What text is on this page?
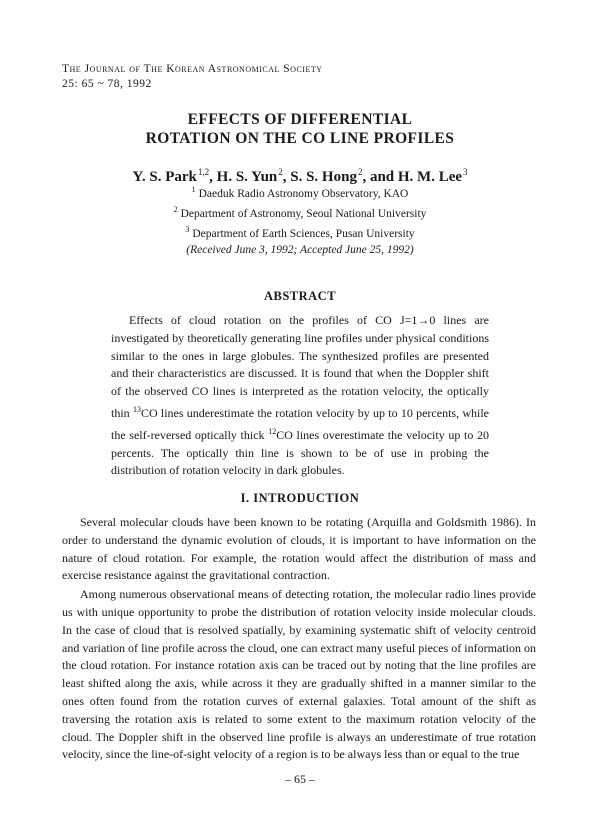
The Journal of The Korean Astronomical Society
25: 65 ~ 78, 1992
EFFECTS OF DIFFERENTIAL
ROTATION ON THE CO LINE PROFILES
Y. S. Park$^{1,2}$, H. S. Yun$^2$, S. S. Hong$^2$, and H. M. Lee$^3$
$^1$ Daeduk Radio Astronomy Observatory, KAO
$^2$ Department of Astronomy, Seoul National University
$^3$ Department of Earth Sciences, Pusan University
(Received June 3, 1992; Accepted June 25, 1992)
ABSTRACT

Effects of cloud rotation on the profiles of CO J=1→0 lines are investigated by theoretically generating line profiles under physical conditions similar to the ones in large globules. The synthesized profiles are presented and their characteristics are discussed. It is found that when the Doppler shift of the observed CO lines is interpreted as the rotation velocity, the optically thin $^{13}$CO lines underestimate the rotation velocity by up to 10 percents, while the self-reversed optically thick $^{12}$CO lines overestimate the velocity up to 20 percents. The optically thin line is shown to be of use in probing the distribution of rotation velocity in dark globules.

I. INTRODUCTION

Several molecular clouds have been known to be rotating (Arquilla and Goldsmith 1986). In order to understand the dynamic evolution of clouds, it is important to have information on the nature of cloud rotation. For example, the rotation would affect the distribution of mass and exercise resistance against the gravitational contraction.

Among numerous observational means of detecting rotation, the molecular radio lines provide us with unique opportunity to probe the distribution of rotation velocity inside molecular clouds. In the case of cloud that is resolved spatially, by examining systematic shift of velocity centroid and variation of line profile across the cloud, one can extract many useful pieces of information on the cloud rotation. For instance rotation axis can be traced out by noting that the line profiles are least shifted along the axis, while across it they are gradually shifted in a manner similar to the ones often found from the rotation curves of external galaxies. Total amount of the shift as traversing the rotation axis is related to some extent to the maximum rotation velocity of the cloud. The Doppler shift in the observed line profile is always an underestimate of true rotation velocity, since the line-of-sight velocity of a region is to be always less than or equal to the true

– 65 –
